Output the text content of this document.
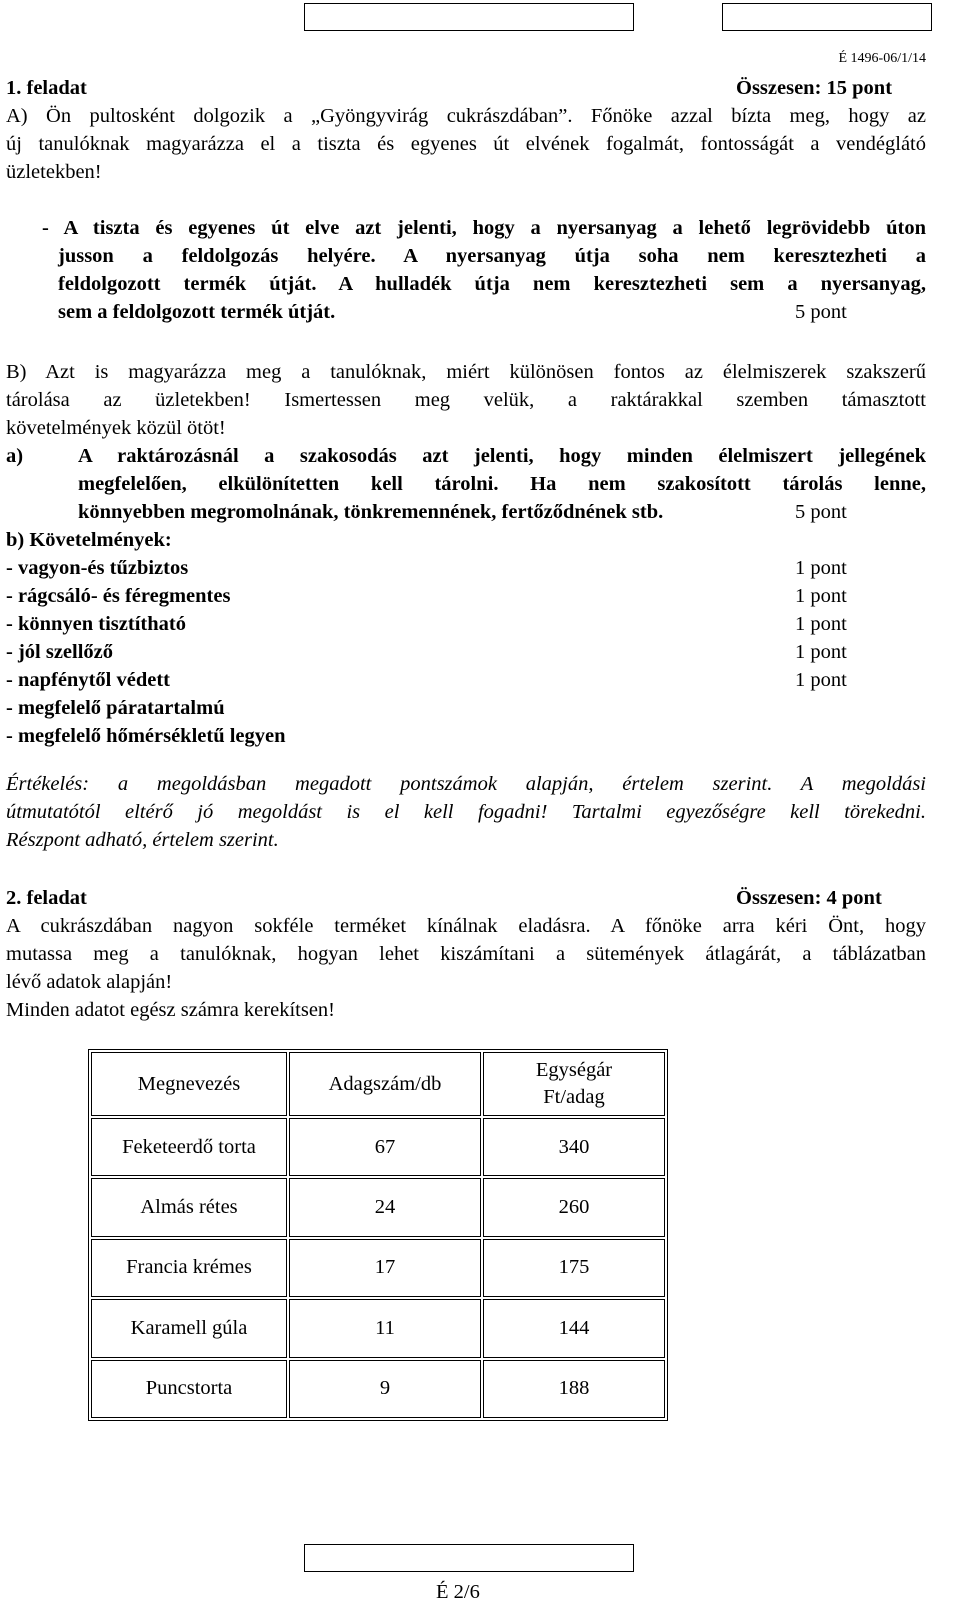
É 1496-06/1/14
1. feladat	Összesen: 15 pont
A) Ön pultosként dolgozik a „Gyöngyvirág cukrászdában”. Főnöke azzal bízta meg, hogy az
új tanulóknak magyarázza el a tiszta és egyenes út elvének fogalmát, fontosságát a vendéglátó
üzletekben!
- A tiszta és egyenes út elve azt jelenti, hogy a nyersanyag a lehető legrövidebb úton
jusson a feldolgozás helyére. A nyersanyag útja soha nem keresztezheti a
feldolgozott termék útját. A hulladék útja nem keresztezheti sem a nyersanyag,
sem a feldolgozott termék útját.	5 pont
B) Azt is magyarázza meg a tanulóknak, miért különösen fontos az élelmiszerek szakszerű
tárolása az üzletekben! Ismertessen meg velük, a raktárakkal szemben támasztott
követelmények közül ötöt!
a)	A raktározásnál a szakosodás azt jelenti, hogy minden élelmiszert jellegének
megfelelően, elkülönítetten kell tárolni. Ha nem szakosított tárolás lenne,
könnyebben megromolnának, tönkremennének, fertőződnének stb.	5 pont
b) Követelmények:
- vagyon-és tűzbiztos	1 pont
- rágcsáló- és féregmentes	1 pont
- könnyen tisztítható	1 pont
- jól szellőző	1 pont
- napfénytől védett	1 pont
- megfelelő páratartalmú
- megfelelő hőmérsékletű legyen
Értékelés: a megoldásban megadott pontszámok alapján, értelem szerint. A megoldási
útmutatótól eltérő jó megoldást is el kell fogadni! Tartalmi egyezőségre kell törekedni.
Részpont adható, értelem szerint.
2. feladat	Összesen: 4 pont
A cukrászdában nagyon sokféle terméket kínálnak eladásra. A főnöke arra kéri Önt, hogy
mutassa meg a tanulóknak, hogyan lehet kiszámítani a sütemények átlagárát, a táblázatban
lévő adatok alapján!
Minden adatot egész számra kerekítsen!
Megnevezés	Adagszám/db	Egységár
Ft/adag

Feketeerdő torta	67	340
Almás rétes	24	260
Francia krémes	17	175
Karamell gúla	11	144
Puncstorta	9	188
É 2/6
